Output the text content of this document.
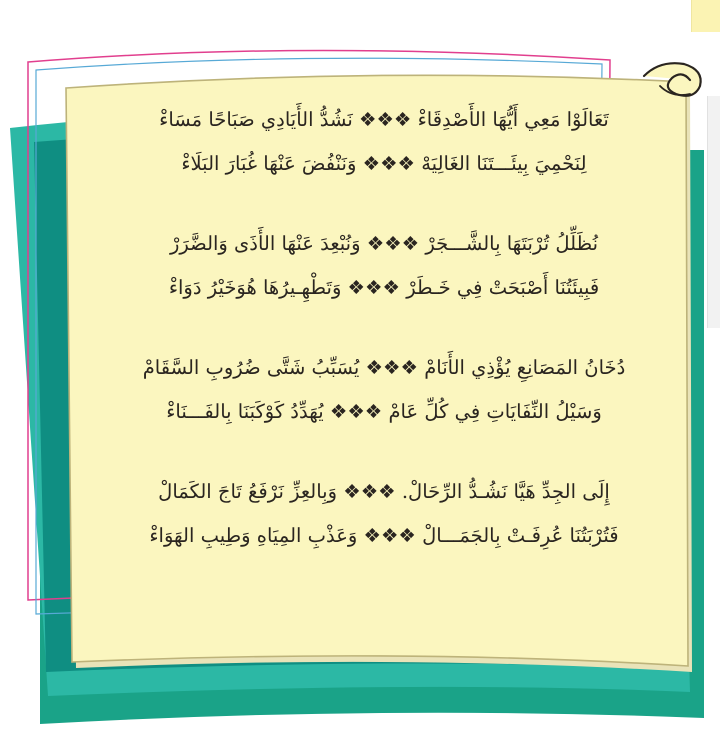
تَعَالَوْا مَعِي أَيُّهَا الأَصْدِقَاءْ ❖❖❖ نَشُدُّ الأَيَادِي صَبَاحًا مَسَاءْ
لِنَحْمِيَ بِيئَـــتَنَا الغَالِيَهْ ❖❖❖ وَنَنْفُضَ عَنْهَا غُبَارَ البَلَاءْ
نُظَلِّلُ تُرْبَتَهَا بِالشَّـــجَرْ ❖❖❖ وَنُبْعِدَ عَنْهَا الأَذَى وَالضَّرَرْ
فَبِيئَتُنَا أَصْبَحَتْ فِي خَـطَرْ ❖❖❖ وَتَطْهِـيرُهَا هُوَخَيْرُ دَوَاءْ
دُخَانُ المَصَانِعِ يُؤْذِي الأَنَامْ ❖❖❖ يُسَبِّبُ شَتَّى ضُرُوبِ السَّقَامْ
وَسَيْلُ النِّفَايَاتِ فِي كُلِّ عَامْ ❖❖❖ يُهَدِّدُ كَوْكَبَنَا بِالفَـــنَاءْ
إِلَى الجِدِّ هَيَّا نَشُـدُّ الرِّحَالْ. ❖❖❖ وَبِالعِزِّ نَرْفَعُ تَاجَ الكَمَالْ
فَتُرْبَتُنَا عُرِفَـتْ بِالجَمَـــالْ ❖❖❖ وَعَذْبِ المِيَاهِ وَطِيبِ الهَوَاءْ
